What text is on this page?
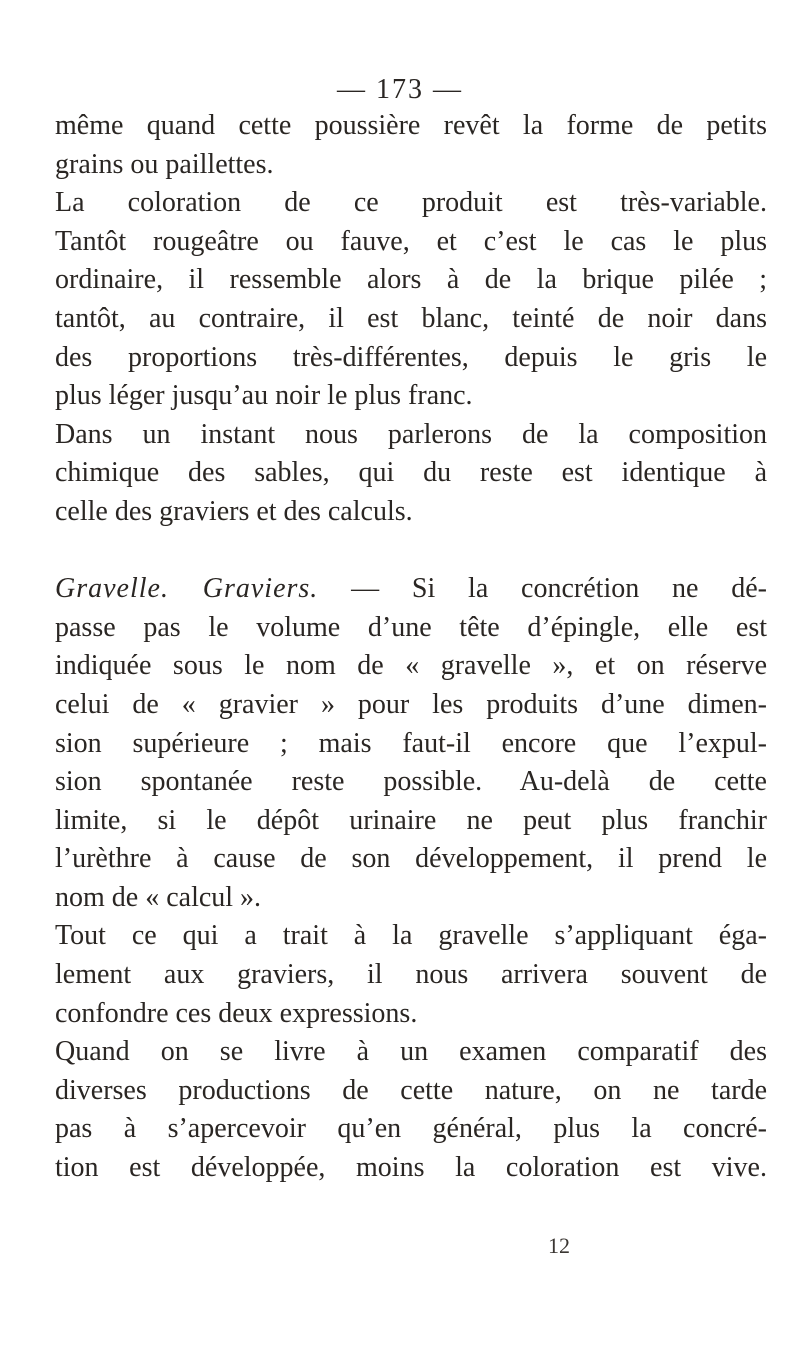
— 173 —
même quand cette poussière revêt la forme de petits
grains ou paillettes.
La coloration de ce produit est très-variable.
Tantôt rougeâtre ou fauve, et c’est le cas le plus
ordinaire, il ressemble alors à de la brique pilée ;
tantôt, au contraire, il est blanc, teinté de noir dans
des proportions très-différentes, depuis le gris le
plus léger jusqu’au noir le plus franc.
Dans un instant nous parlerons de la composition
chimique des sables, qui du reste est identique à
celle des graviers et des calculs.
Gravelle. Graviers. — Si la concrétion ne dé-
passe pas le volume d’une tête d’épingle, elle est
indiquée sous le nom de « gravelle », et on réserve
celui de « gravier » pour les produits d’une dimen-
sion supérieure ; mais faut-il encore que l’expul-
sion spontanée reste possible. Au-delà de cette
limite, si le dépôt urinaire ne peut plus franchir
l’urèthre à cause de son développement, il prend le
nom de « calcul ».
Tout ce qui a trait à la gravelle s’appliquant éga-
lement aux graviers, il nous arrivera souvent de
confondre ces deux expressions.
Quand on se livre à un examen comparatif des
diverses productions de cette nature, on ne tarde
pas à s’apercevoir qu’en général, plus la concré-
tion est développée, moins la coloration est vive.
12
